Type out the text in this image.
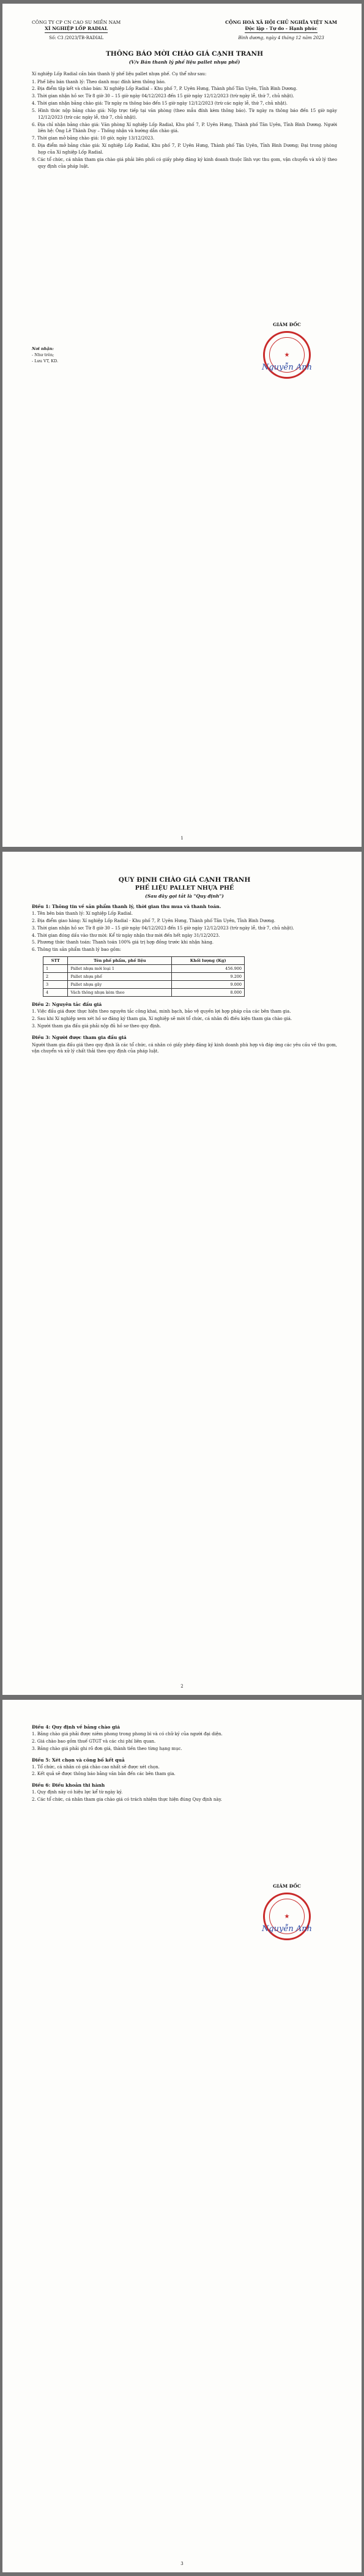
CÔNG TY CP CN CAO SU MIỀN NAM
XÍ NGHIỆP LỐP RADIAL
Số: C3 /2023/TB-RADIAL
CỘNG HOÀ XÃ HỘI CHỦ NGHĨA VIỆT NAM
Độc lập - Tự do - Hạnh phúc
Bình dương, ngày 4 tháng 12 năm 2023
THÔNG BÁO MỜI CHÀO GIÁ CẠNH TRANH
(V/v Bán thanh lý phế liệu pallet nhựa phế)

Xí nghiệp Lốp Radial cần bán thanh lý phế liệu pallet nhựa phế. Cụ thể như sau:

1. Phế liệu bán thanh lý: Theo danh mục đính kèm thông báo.
2. Địa điểm tập kết và chào bán: Xí nghiệp Lốp Radial – Khu phố 7, P. Uyên Hưng, Thành phố Tân Uyên, Tỉnh Bình Dương.
3. Thời gian nhận hồ sơ: Từ 8 giờ 30 – 15 giờ ngày 04/12/2023 đến 15 giờ ngày 12/12/2023 (trừ ngày lễ, thứ 7, chủ nhật).
4. Thời gian nhận bảng chào giá: Từ ngày ra thông báo đến 15 giờ ngày 12/12/2023 (trừ các ngày lễ, thứ 7, chủ nhật).
5. Hình thức nộp bảng chào giá: Nộp trực tiếp tại văn phòng (theo mẫu đính kèm thông báo). Từ ngày ra thông báo đến 15 giờ ngày 12/12/2023 (trừ các ngày lễ, thứ 7, chủ nhật).
6. Địa chỉ nhận bảng chào giá: Văn phòng Xí nghiệp Lốp Radial, Khu phố 7, P. Uyên Hưng, Thành phố Tân Uyên, Tỉnh Bình Dương. Người liên hệ: Ông Lê Thành Duy – Thống nhận và hướng dẫn chào giá.
7. Thời gian mở bảng chào giá: 10 giờ, ngày 13/12/2023.
8. Địa điểm mở bảng chào giá: Xí nghiệp Lốp Radial, Khu phố 7, P. Uyên Hưng, Thành phố Tân Uyên, Tỉnh Bình Dương; Đại trong phòng họp của Xí nghiệp Lốp Radial.
9. Các tổ chức, cá nhân tham gia chào giá phải liên phối có giấy phép đăng ký kinh doanh thuộc lĩnh vực thu gom, vận chuyển và xử lý theo quy định của pháp luật.
Nơi nhận:
- Như trên;
- Lưu VT, KD.
GIÁM ĐỐC
★
Nguyễn Anh
1
QUY ĐỊNH CHÀO GIÁ CẠNH TRANH
PHẾ LIỆU PALLET NHỰA PHẾ
(Sau đây gọi tắt là "Quy định")
Điều 1: Thông tin về sản phẩm thanh lý, thời gian thu mua và thanh toán.
1. Tên bên bán thanh lý: Xí nghiệp Lốp Radial.
2. Địa điểm giao hàng: Xí nghiệp Lốp Radial - Khu phố 7, P. Uyên Hưng, Thành phố Tân Uyên, Tỉnh Bình Dương.
3. Thời gian nhận hồ sơ: Từ 8 giờ 30 – 15 giờ ngày 04/12/2023 đến 15 giờ ngày 12/12/2023 (trừ ngày lễ, thứ 7, chủ nhật).
4. Thời gian đóng dấu vào thư mời: Kể từ ngày nhận thư mời đến hết ngày 31/12/2023.
5. Phương thức thanh toán: Thanh toán 100% giá trị hợp đồng trước khi nhận hàng.
6. Thông tin sản phẩm thanh lý bao gồm:
STT	Tên phế phẩm, phế liệu	Khối lượng (Kg)
1	Pallet nhựa mới loại 1	456.900
2	Pallet nhựa phế	9.200
3	Pallet nhựa gãy	9.000
4	Vách thông nhựa kèm theo	8.000
Điều 2: Nguyên tắc đấu giá
1. Việc đấu giá được thực hiện theo nguyên tắc công khai, minh bạch, bảo vệ quyền lợi hợp pháp của các bên tham gia.
2. Sau khi Xí nghiệp xem xét hồ sơ đăng ký tham gia, Xí nghiệp sẽ mời tổ chức, cá nhân đủ điều kiện tham gia chào giá.
3. Người tham gia đấu giá phải nộp đủ hồ sơ theo quy định.
Điều 3: Người được tham gia đấu giá

Người tham gia đấu giá theo quy định là các tổ chức, cá nhân có giấy phép đăng ký kinh doanh phù hợp và đáp ứng các yêu cầu về thu gom, vận chuyển và xử lý chất thải theo quy định của pháp luật.

2
Điều 4: Quy định về bảng chào giá
1. Bảng chào giá phải được niêm phong trong phong bì và có chữ ký của người đại diện.
2. Giá chào bao gồm thuế GTGT và các chi phí liên quan.
3. Bảng chào giá phải ghi rõ đơn giá, thành tiền theo từng hạng mục.
Điều 5: Xét chọn và công bố kết quả
1. Tổ chức, cá nhân có giá chào cao nhất sẽ được xét chọn.
2. Kết quả sẽ được thông báo bằng văn bản đến các bên tham gia.
Điều 6: Điều khoản thi hành
1. Quy định này có hiệu lực kể từ ngày ký.
2. Các tổ chức, cá nhân tham gia chào giá có trách nhiệm thực hiện đúng Quy định này.
GIÁM ĐỐC
★
Nguyễn Anh
3
